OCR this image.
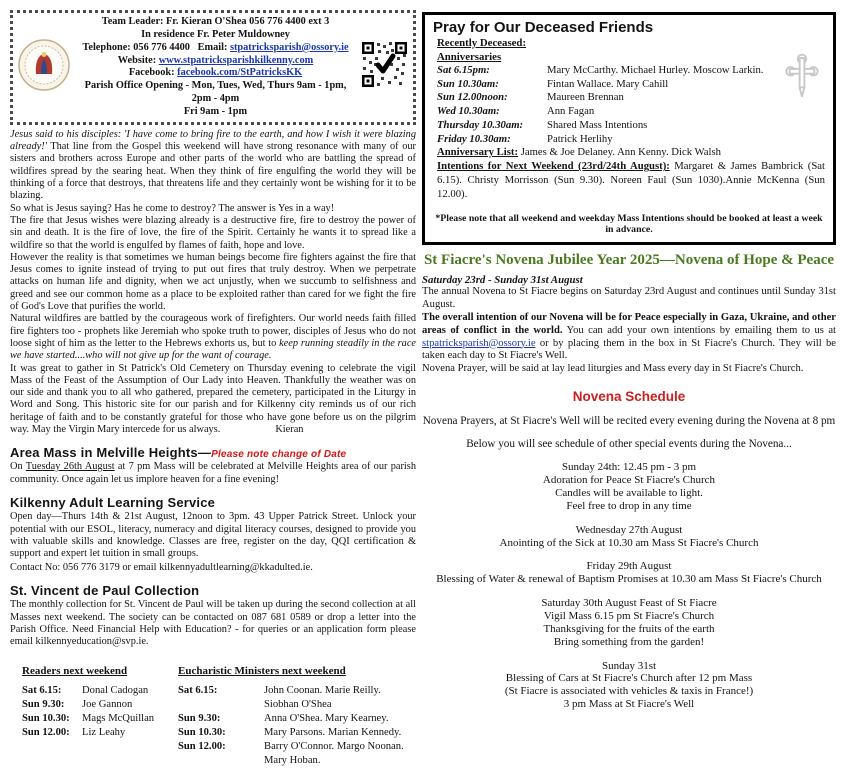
Team Leader: Fr. Kieran O'Shea 056 776 4400 ext 3
In residence Fr. Peter Muldowney
Telephone: 056 776 4400 Email: stpatricksparish@ossory.ie
Website: www.stpatricksparishkilkenny.com
Facebook: facebook.com/StPatricksKK
Parish Office Opening - Mon, Tues, Wed, Thurs 9am - 1pm, 2pm - 4pm
Fri 9am - 1pm

Jesus said to his disciples: 'I have come to bring fire to the earth, and how I wish it were blazing already!' That line from the Gospel this weekend will have strong resonance with many of our sisters and brothers across Europe and other parts of the world who are battling the spread of wildfires spread by the searing heat. When they think of fire engulfing the world they will be thinking of a force that destroys, that threatens life and they certainly wont be wishing for it to be blazing.

So what is Jesus saying? Has he come to destroy? The answer is Yes in a way!

The fire that Jesus wishes were blazing already is a destructive fire, fire to destroy the power of sin and death. It is the fire of love, the fire of the Spirit. Certainly he wants it to spread like a wildfire so that the world is engulfed by flames of faith, hope and love.

However the reality is that sometimes we human beings become fire fighters against the fire that Jesus comes to ignite instead of trying to put out fires that truly destroy. When we perpetrate attacks on human life and dignity, when we act unjustly, when we succumb to selfishness and greed and see our common home as a place to be exploited rather than cared for we fight the fire of God's Love that purifies the world.

Natural wildfires are battled by the courageous work of firefighters. Our world needs faith filled fire fighters too - prophets like Jeremiah who spoke truth to power, disciples of Jesus who do not loose sight of him as the letter to the Hebrews exhorts us, but to keep running steadily in the race we have started....who will not give up for the want of courage.

It was great to gather in St Patrick's Old Cemetery on Thursday evening to celebrate the vigil Mass of the Feast of the Assumption of Our Lady into Heaven. Thankfully the weather was on our side and thank you to all who gathered, prepared the cemetery, participated in the Liturgy in Word and Song. This historic site for our parish and for Kilkenny city reminds us of our rich heritage of faith and to be constantly grateful for those who have gone before us on the pilgrim way. May the Virgin Mary intercede for us always.	Kieran

Area Mass in Melville Heights—Please note change of Date
On Tuesday 26th August at 7 pm Mass will be celebrated at Melville Heights area of our parish community. Once again let us implore heaven for a fine evening!
Kilkenny Adult Learning Service
Open day—Thurs 14th & 21st August, 12noon to 3pm. 43 Upper Patrick Street. Unlock your potential with our ESOL, literacy, numeracy and digital literacy courses, designed to provide you with valuable skills and knowledge. Classes are free, register on the day, QQI certification & support and expert let tuition in small groups.
Contact No: 056 776 3179 or email kilkennyadultlearning@kkadulted.ie.
St. Vincent de Paul Collection
The monthly collection for St. Vincent de Paul will be taken up during the second collection at all Masses next weekend. The society can be contacted on 087 681 0589 or drop a letter into the Parish Office. Need Financial Help with Education? - for queries or an application form please email kilkennyeducation@svp.ie.
Readers next weekend
Sat 6.15:	Donal Cadogan
Sun 9.30:	Joe Gannon
Sun 10.30:	Mags McQuillan
Sun 12.00:	Liz Leahy
Eucharistic Ministers next weekend
Sat 6.15:	John Coonan. Marie Reilly. Siobhan O'Shea
Sun 9.30:	Anna O'Shea. Mary Kearney.
Sun 10.30:	Mary Parsons. Marian Kennedy.
Sun 12.00:	Barry O'Connor. Margo Noonan. Mary Hoban.
Pray for Our Deceased Friends
Recently Deceased:
Anniversaries
Sat 6.15pm:	Mary McCarthy. Michael Hurley. Moscow Larkin.
Sun 10.30am:	Fintan Wallace. Mary Cahill
Sun 12.00noon:	Maureen Brennan
Wed 10.30am:	Ann Fagan
Thursday 10.30am:	Shared Mass Intentions
Friday 10.30am:	Patrick Herlihy
Anniversary List: James & Joe Delaney. Ann Kenny. Dick Walsh
Intentions for Next Weekend (23rd/24th August): Margaret & James Bambrick (Sat 6.15). Christy Morrisson (Sun 9.30). Noreen Faul (Sun 1030).Annie McKenna (Sun 12.00).
*Please note that all weekend and weekday Mass Intentions should be booked at least a week in advance.
St Fiacre's Novena Jubilee Year 2025—Novena of Hope & Peace
Saturday 23rd - Sunday 31st August

The annual Novena to St Fiacre begins on Saturday 23rd August and continues until Sunday 31st August.

The overall intention of our Novena will be for Peace especially in Gaza, Ukraine, and other areas of conflict in the world. You can add your own intentions by emailing them to us at stpatricksparish@ossory.ie or by placing them in the box in St Fiacre's Church. They will be taken each day to St Fiacre's Well.

Novena Prayer, will be said at lay lead liturgies and Mass every day in St Fiacre's Church.

Novena Schedule
Novena Prayers, at St Fiacre's Well will be recited every evening during the Novena at 8 pm
Below you will see schedule of other special events during the Novena...
Sunday 24th: 12.45 pm - 3 pm
Adoration for Peace St Fiacre's Church
Candles will be available to light.
Feel free to drop in any time
Wednesday 27th August
Anointing of the Sick at 10.30 am Mass St Fiacre's Church
Friday 29th August
Blessing of Water & renewal of Baptism Promises at 10.30 am Mass St Fiacre's Church
Saturday 30th August Feast of St Fiacre
Vigil Mass 6.15 pm St Fiacre's Church
Thanksgiving for the fruits of the earth
Bring something from the garden!
Sunday 31st
Blessing of Cars at St Fiacre's Church after 12 pm Mass
(St Fiacre is associated with vehicles & taxis in France!)
3 pm Mass at St Fiacre's Well
